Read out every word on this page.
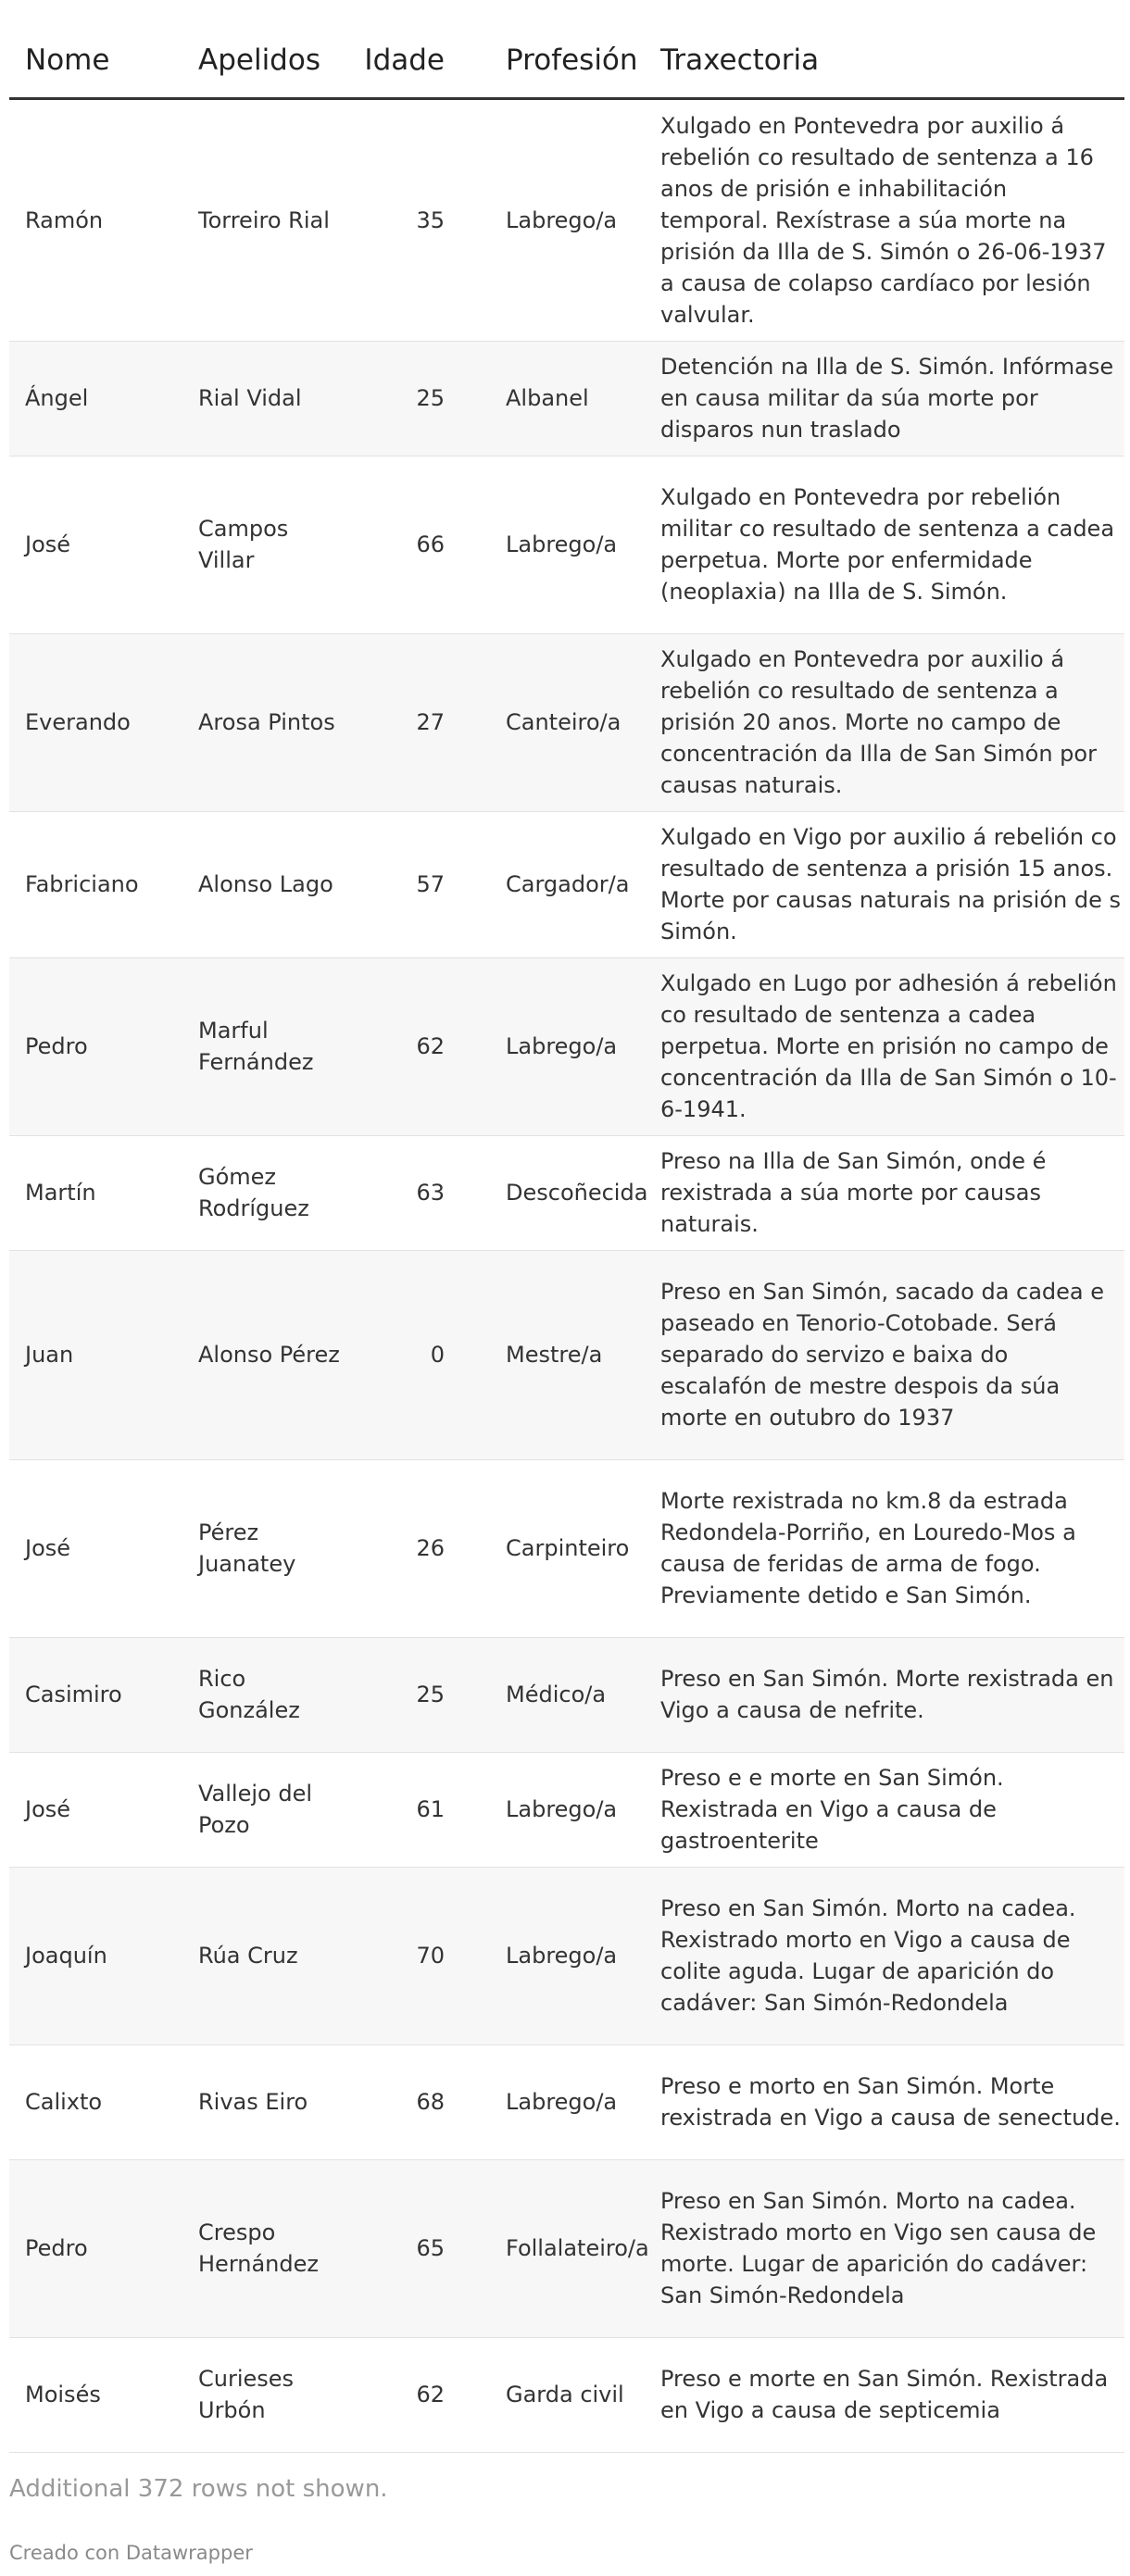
Nome	Apelidos	Idade	Profesión	Traxectoria
Ramón	Torreiro Rial	35	Labrego/a	Xulgado en Pontevedra por auxilio á rebelión co resultado de sentenza a 16 anos de prisión e inhabilitación temporal. Rexístrase a súa morte na prisión da Illa de S. Simón o 26-06-1937 a causa de colapso cardíaco por lesión valvular.
Ángel	Rial Vidal	25	Albanel	Detención na Illa de S. Simón. Infórmase en causa militar da súa morte por disparos nun traslado
José	Campos Villar	66	Labrego/a	Xulgado en Pontevedra por rebelión militar co resultado de sentenza a cadea perpetua. Morte por enfermidade (neoplaxia) na Illa de S. Simón.
Everando	Arosa Pintos	27	Canteiro/a	Xulgado en Pontevedra por auxilio á rebelión co resultado de sentenza a prisión 20 anos. Morte no campo de concentración da Illa de San Simón por causas naturais.
Fabriciano	Alonso Lago	57	Cargador/a	Xulgado en Vigo por auxilio á rebelión co resultado de sentenza a prisión 15 anos. Morte por causas naturais na prisión de s Simón.
Pedro	Marful Fernández	62	Labrego/a	Xulgado en Lugo por adhesión á rebelión co resultado de sentenza a cadea perpetua. Morte en prisión no campo de concentración da Illa de San Simón o 10-6-1941.
Martín	Gómez Rodríguez	63	Descoñecida	Preso na Illa de San Simón, onde é rexistrada a súa morte por causas naturais.
Juan	Alonso Pérez	0	Mestre/a	Preso en San Simón, sacado da cadea e paseado en Tenorio-Cotobade. Será separado do servizo e baixa do escalafón de mestre despois da súa morte en outubro do 1937
José	Pérez Juanatey	26	Carpinteiro	Morte rexistrada no km.8 da estrada Redondela-Porriño, en Louredo-Mos a causa de feridas de arma de fogo. Previamente detido e San Simón.
Casimiro	Rico González	25	Médico/a	Preso en San Simón. Morte rexistrada en Vigo a causa de nefrite.
José	Vallejo del Pozo	61	Labrego/a	Preso e e morte en San Simón. Rexistrada en Vigo a causa de gastroenterite
Joaquín	Rúa Cruz	70	Labrego/a	Preso en San Simón. Morto na cadea. Rexistrado morto en Vigo a causa de colite aguda. Lugar de aparición do cadáver: San Simón-Redondela
Calixto	Rivas Eiro	68	Labrego/a	Preso e morto en San Simón. Morte rexistrada en Vigo a causa de senectude.
Pedro	Crespo Hernández	65	Follalateiro/a	Preso en San Simón. Morto na cadea. Rexistrado morto en Vigo sen causa de morte. Lugar de aparición do cadáver: San Simón-Redondela
Moisés	Curieses Urbón	62	Garda civil	Preso e morte en San Simón. Rexistrada en Vigo a causa de septicemia

Additional 372 rows not shown.

Creado con Datawrapper
